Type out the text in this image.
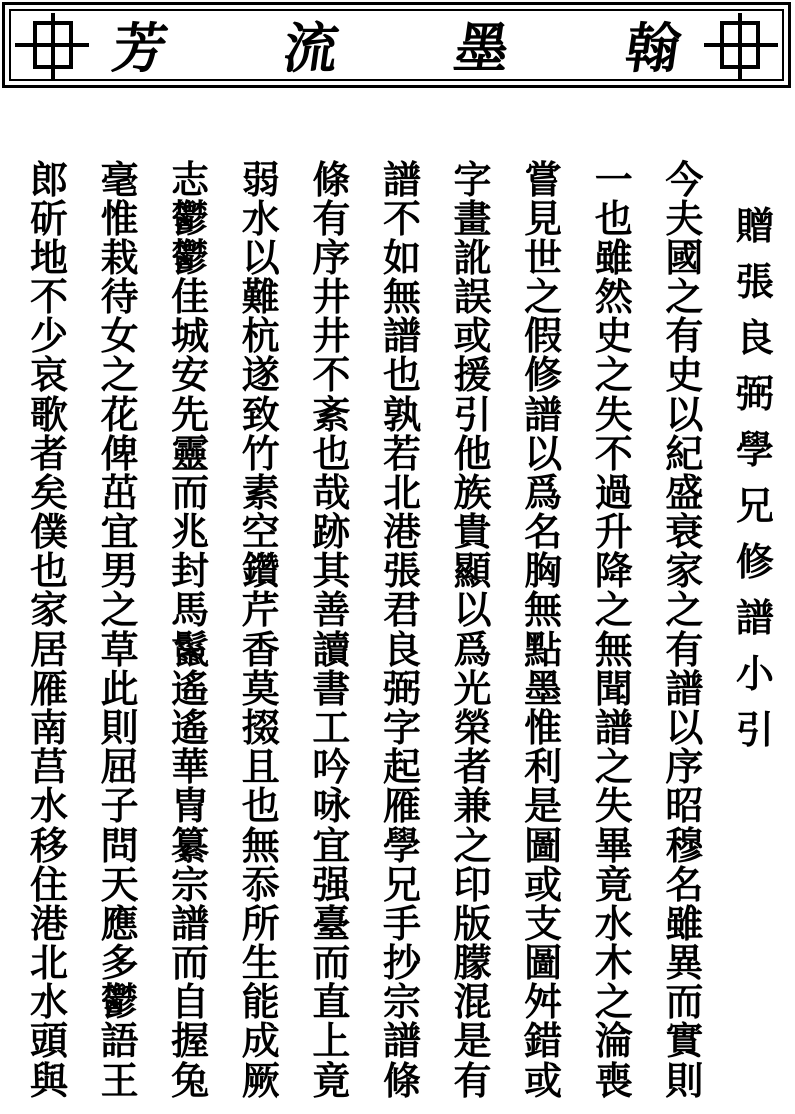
芳 流 墨 翰
贈
張
良
弼
學
兄
修
譜
小
引
今
夫
國
之
有
史
以
紀
盛
衰
家
之
有
譜
以
序
昭
穆
名
雖
異
而
實
則
一
也
雖
然
史
之
失
不
過
升
降
之
無
聞
譜
之
失
畢
竟
水
木
之
淪
喪
嘗
見
世
之
假
修
譜
以
爲
名
胸
無
點
墨
惟
利
是
圖
或
支
圖
舛
錯
或
字
畫
訛
誤
或
援
引
他
族
貴
顯
以
爲
光
榮
者
兼
之
印
版
朦
混
是
有
譜
不
如
無
譜
也
孰
若
北
港
張
君
良
弼
字
起
雁
學
兄
手
抄
宗
譜
條
條
有
序
井
井
不
紊
也
哉
跡
其
善
讀
書
工
吟
咏
宜
强
臺
而
直
上
竟
弱
水
以
難
杭
遂
致
竹
素
空
鑽
芹
香
莫
掇
且
也
無
忝
所
生
能
成
厥
志
鬱
鬱
佳
城
安
先
靈
而
兆
封
馬
鬣
遙
遙
華
冑
纂
宗
譜
而
自
握
兔
毫
惟
栽
待
女
之
花
俾
茁
宜
男
之
草
此
則
屈
子
問
天
應
多
鬱
語
王
郎
斫
地
不
少
哀
歌
者
矣
僕
也
家
居
雁
南
莒
水
移
住
港
北
水
頭
與
